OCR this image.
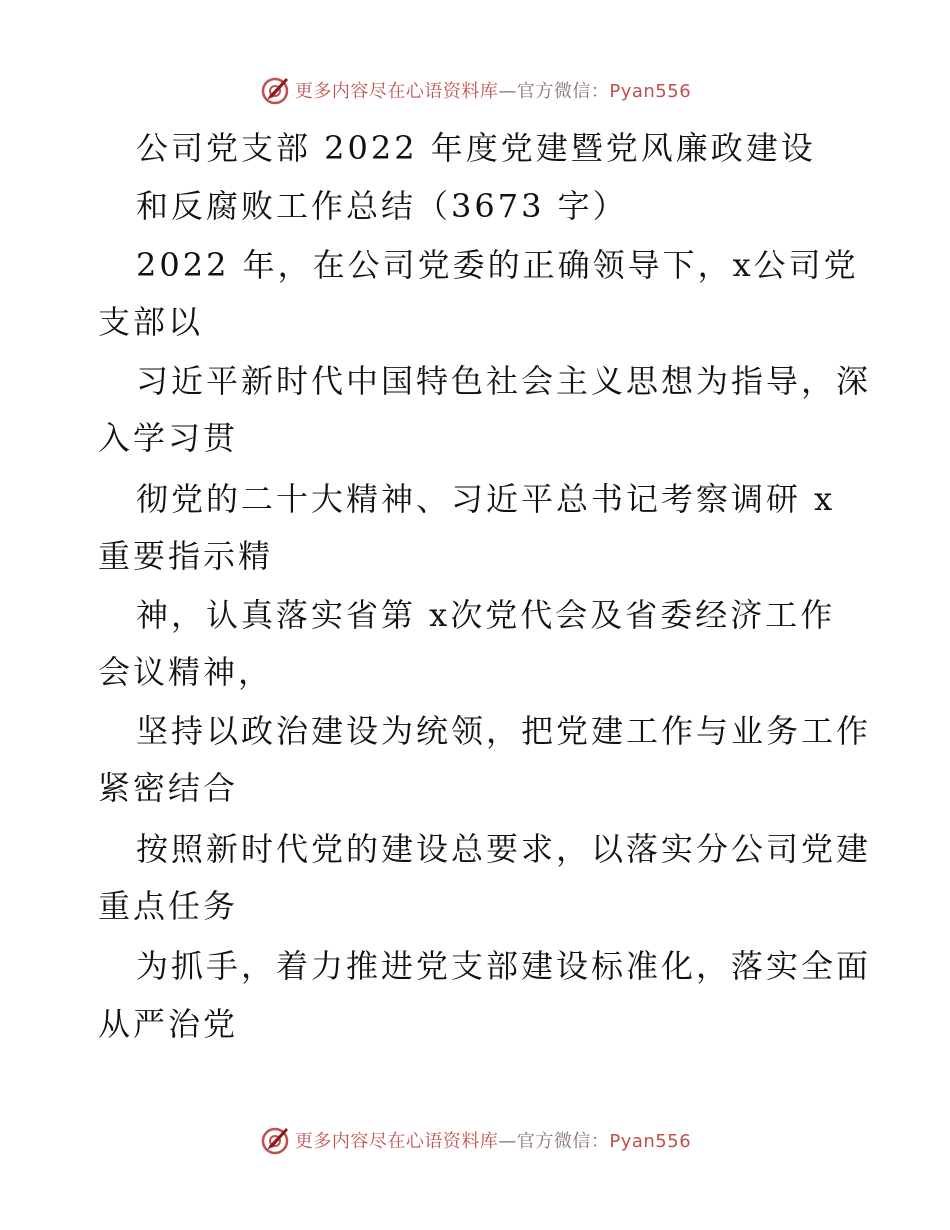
更多内容尽在心语资料库—官方微信：Pyan556
公司党支部 2022 年度党建暨党风廉政建设
和反腐败工作总结（3673 字）
2022 年，在公司党委的正确领导下，x公司党
支部以
习近平新时代中国特色社会主义思想为指导，深
入学习贯
彻党的二十大精神、习近平总书记考察调研 x
重要指示精
神，认真落实省第 x次党代会及省委经济工作
会议精神，
坚持以政治建设为统领，把党建工作与业务工作
紧密结合
按照新时代党的建设总要求，以落实分公司党建
重点任务
为抓手，着力推进党支部建设标准化，落实全面
从严治党
更多内容尽在心语资料库—官方微信：Pyan556
